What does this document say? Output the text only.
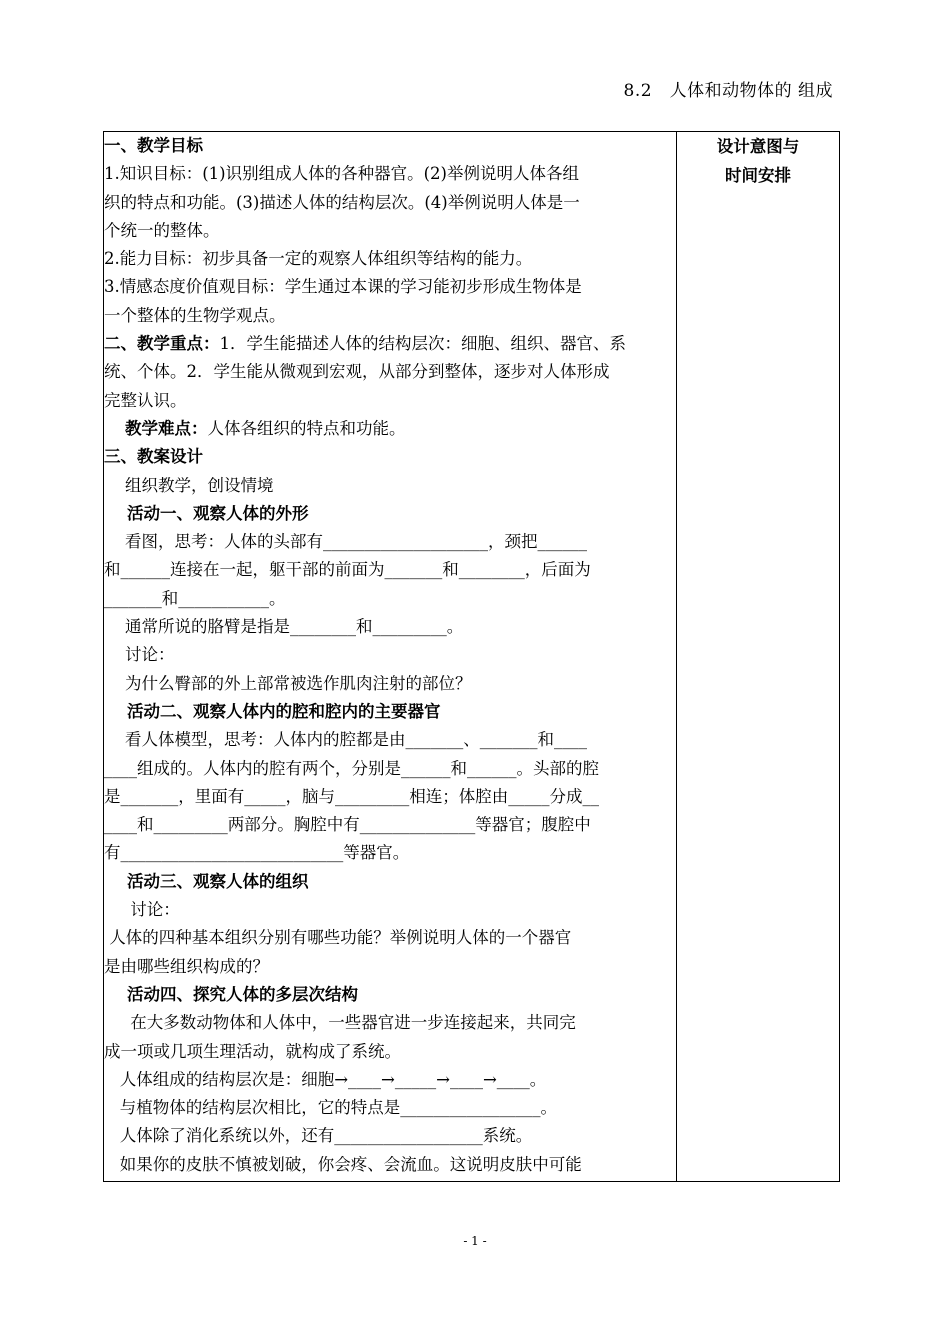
8.2　人体和动物体的 组成
一、教学目标
1.知识目标：(1)识别组成人体的各种器官。(2)举例说明人体各组
织的特点和功能。(3)描述人体的结构层次。(4)举例说明人体是一
个统一的整体。
2.能力目标：初步具备一定的观察人体组织等结构的能力。
3.情感态度价值观目标：学生通过本课的学习能初步形成生物体是
一个整体的生物学观点。
二、教学重点：1．学生能描述人体的结构层次：细胞、组织、器官、系
统、个体。2．学生能从微观到宏观，从部分到整体，逐步对人体形成
完整认识。
教学难点：人体各组织的特点和功能。
三、教案设计
组织教学，创设情境
活动一、观察人体的外形
看图，思考：人体的头部有____________________，颈把______
和______连接在一起，躯干部的前面为_______和________，后面为
_______和___________。
通常所说的胳臂是指是________和_________。
讨论：
为什么臀部的外上部常被选作肌肉注射的部位？
活动二、观察人体内的腔和腔内的主要器官
看人体模型，思考：人体内的腔都是由_______、_______和____
____组成的。人体内的腔有两个，分别是______和______。头部的腔
是_______，里面有_____，脑与_________相连；体腔由_____分成__
____和_________两部分。胸腔中有______________等器官；腹腔中
有___________________________等器官。
活动三、观察人体的组织
讨论：
人体的四种基本组织分别有哪些功能？举例说明人体的一个器官
是由哪些组织构成的？
活动四、探究人体的多层次结构
在大多数动物体和人体中，一些器官进一步连接起来，共同完
成一项或几项生理活动，就构成了系统。
人体组成的结构层次是：细胞→____→_____→____→____。
与植物体的结构层次相比，它的特点是_________________。
人体除了消化系统以外，还有__________________系统。
如果你的皮肤不慎被划破，你会疼、会流血。这说明皮肤中可能

设计意图与
时间安排
- 1 -
